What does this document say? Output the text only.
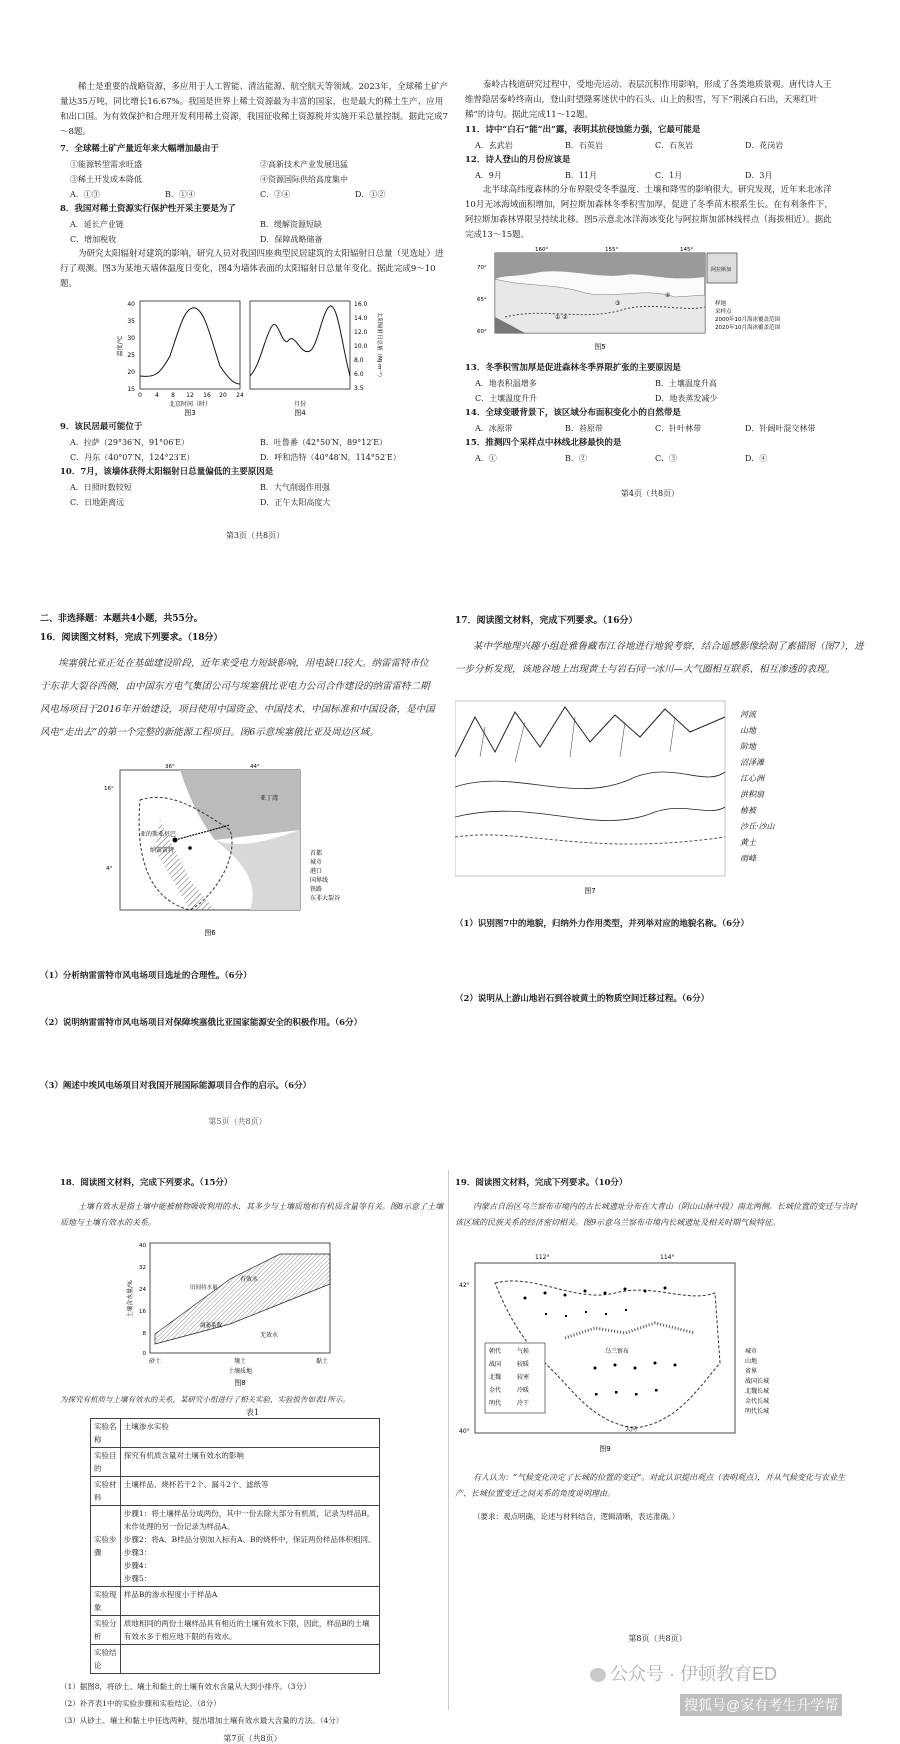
稀土是重要的战略资源，多应用于人工智能、清洁能源、航空航天等领域。2023年，全球稀土矿产量达35万吨，同比增长16.67%。我国是世界上稀土资源最为丰富的国家，也是最大的稀土生产、应用和出口国。为有效保护和合理开发利用稀土资源，我国征收稀土资源税并实施开采总量控制。据此完成7～8题。

7．全球稀土矿产量近年来大幅增加最由于

①能源转型需求旺盛	②高新技术产业发展迅猛
③稀土开发成本降低	④资源国际供给高度集中
A．①③	B．①④	C．②④	D．①②

8．我国对稀土资源实行保护性开采主要是为了

A．延长产业链	B．缓解资源短缺
C．增加税收	D．保障战略储备

为研究太阳辐射对建筑的影响，研究人员对我国四座典型民居建筑的太阳辐射日总量（见选址）进行了观测。图3为某地天墙体温度日变化，图4为墙体表面的太阳辐射日总量年变化。据此完成9～10题。

40
35
30
25
20
15
0 4 8 12 16 20 24
北京时间（时）
温度/℃
图3
16.0
14.0
12.0
10.0
8.0
6.0
3.5
月份
太阳辐射日总量（MJ·m⁻²）
图4

9．该民居最可能位于

A．拉萨（29°36′N，91°06′E）	B．吐鲁番（42°50′N，89°12′E）
C．丹东（40°07′N，124°23′E）	D．呼和浩特（40°48′N，114°52′E）

10．7月，该墙体获得太阳辐射日总量偏低的主要原因是

A．日照时数较短	B．大气削弱作用强
C．日地距离远	D．正午太阳高度大
第3页（共8页）

泰岭古栈道研究过程中，受地壳运动、表层沉积作用影响，形成了各类地质景观。唐代诗人王维曾隐居泰岭终南山，登山时望隆雾迷伏中的石头、山上的积雪，写下“荆溪白石出，天寒红叶稀”的诗句。据此完成11～12题。

11．诗中“白石”能“出”露，表明其抗侵蚀能力强，它最可能是

A．玄武岩	B．石英岩	C．石灰岩	D．花岗岩

12．诗人登山的月份应该是

A．9月	B．11月	C．1月	D．3月

北半球高纬度森林的分布界限受冬季温度、土壤和降雪的影响很大。研究发现，近年来北冰洋10月无冰海域面积增加，阿拉斯加森林冬季积雪加厚，促进了冬季苗木根系生长。在有利条件下，阿拉斯加森林界限呈持续北移。图5示意北冰洋海冰变化与阿拉斯加部林线样点（海拔相近）。据此完成13～15题。

① ②
③
④
160°	155°	145°
70°
65°
60°
阿拉斯加
样地
采样点
2000年10月海冰覆盖范围
2020年10月海冰覆盖范围
图5

13．冬季积雪加厚是促进森林冬季界限扩张的主要原因是

A．地表积温增多	B．土壤温度升高
C．土壤温度升升	D．地表蒸发减少

14．全球变暖背景下，该区域分布面积变化小的自然带是

A．冰原带	B．苔原带	C．针叶林带	D．针阔叶混交林带

15．推测四个采样点中林线北移最快的是

A．①	B．②	C．③	D．④
第4页（共8页）

二、非选择题：本题共4小题，共55分。

16．阅读图文材料，完成下列要求。（18分）

埃塞俄比亚正处在基础建设阶段，近年来受电力短缺影响，用电缺口较大。纳雷雷特市位于东非大裂谷西侧，由中国东方电气集团公司与埃塞俄比亚电力公司合作建设的纳雷雷特二期风电场项目于2016年开始建设，项目使用中国资金、中国技术、中国标准和中国设备，是中国风电“走出去”的第一个完整的新能源工程项目。图6示意埃塞俄比亚及周边区域。

亚的斯亚贝巴
纳雷雷特
亚丁湾
36°	44°
16°
4°
首都
城市
港口
国界线
铁路
东非大裂谷
图6

（1）分析纳雷雷特市风电场项目选址的合理性。（6分）

（2）说明纳雷雷特市风电场项目对保障埃塞俄比亚国家能源安全的积极作用。（6分）

（3）阐述中埃风电场项目对我国开展国际能源项目合作的启示。（6分）

第5页（共8页）

17．阅读图文材料，完成下列要求。（16分）

某中学地理兴趣小组赴雅鲁藏布江谷地进行地貌考察，结合遥感影像绘制了素描图（图7），进一步分析发现，该地谷地上出现黄土与岩石同一冰川—大气圈相互联系、相互渗透的表现。

河流
山地
阶地
沼泽滩
江心洲
洪积扇
植被
沙丘·沙山
黄土
雨峰
图7

（1）识别图7中的地貌，归纳外力作用类型，并列举对应的地貌名称。（6分）

（2）说明从上游山地岩石到谷坡黄土的物质空间迁移过程。（6分）

18．阅读图文材料，完成下列要求。（15分）

土壤有效水是指土壤中能被植物吸收利用的水，其多少与土壤质地和有机质含量等有关。图8示意了土壤质地与土壤有效水的关系。

有效水
无效水
田间持水量
凋萎系数
40
32
24
16
8
0
土壤含水量/%
砂土	壤土	黏土
土壤质地
图8

为探究有机质与土壤有效水的关系，某研究小组进行了相关实验，实验报告如表1所示。

表1
实验名称	土壤渗水实验
实验目的	探究有机质含量对土壤有效水的影响
实验材料	土壤样品、烧杯若干2个、漏斗2个、滤纸等
实验步骤	步骤1：将土壤样品分成两份，其中一份去除大部分有机质，记录为样品B，未作处理的另一份记录为样品A。
步骤2：将A、B样品分别加入标有A、B的烧杯中，保证两份样品体积相同。
步骤3：
步骤4：
步骤5：
实验现象	样品B的渗水程度小于样品A
实验分析	质地相同的两份土壤样品具有相近的土壤有效水下限，因此，样品B的土壤有效水多于相应地下限的有效水。
实验结论	

（1）据图8，将砂土、壤土和黏土的土壤有效水含量从大到小排序。（3分）

（2）补齐表1中的实验步骤和实验结论。（8分）

（3）从砂土、壤土和黏土中任选两种，提出增加土壤有效水最大含量的方法。（4分）

第7页（共8页）

19．阅读图文材料，完成下列要求。（10分）

内蒙古自治区乌兰察布市境内的古长城遗址分布在大青山（阴山山脉中段）南北两侧。长城位置的变迁与当时该区域的民族关系的经济密切相关。图9示意乌兰察布市境内长城遗址及相关时期气候特征。

112°	114°
42°
40°
乌兰察布
大同
朝代	气候
战国	较暖
北魏	较寒
金代	冷暖
明代	冷干
城市
山地
省界
战国长城
北魏长城
金代长城
明代长城
图9

有人认为：“气候变化决定了长城的位置的变迁”。对此认识提出观点（表明观点），并从气候变化与农业生产、长城位置变迁之间关系的角度说明理由。

（要求：观点明确，论述与材料结合，逻辑清晰，表达准确。）

第8页（共8页）
公众号 · 伊顿教育ED
搜狐号@家有考生升学帮
